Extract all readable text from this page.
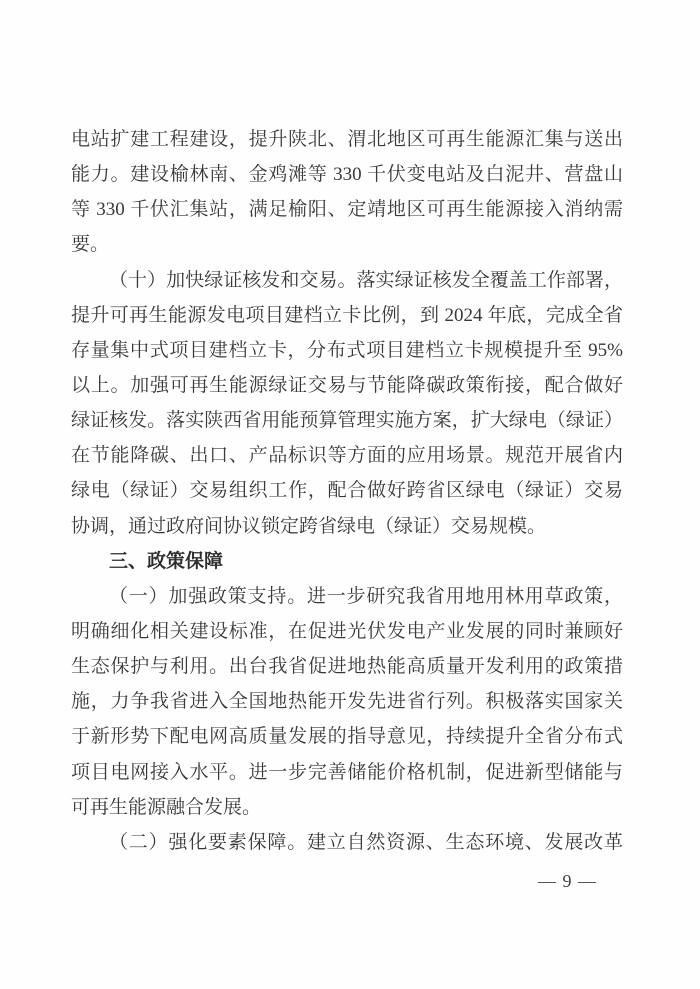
电站扩建工程建设，提升陕北、渭北地区可再生能源汇集与送出
能力。建设榆林南、金鸡滩等 330 千伏变电站及白泥井、营盘山
等 330 千伏汇集站，满足榆阳、定靖地区可再生能源接入消纳需
要。
（十）加快绿证核发和交易。落实绿证核发全覆盖工作部署，
提升可再生能源发电项目建档立卡比例，到 2024 年底，完成全省
存量集中式项目建档立卡，分布式项目建档立卡规模提升至 95%
以上。加强可再生能源绿证交易与节能降碳政策衔接，配合做好
绿证核发。落实陕西省用能预算管理实施方案，扩大绿电（绿证）
在节能降碳、出口、产品标识等方面的应用场景。规范开展省内
绿电（绿证）交易组织工作，配合做好跨省区绿电（绿证）交易
协调，通过政府间协议锁定跨省绿电（绿证）交易规模。
三、政策保障
（一）加强政策支持。进一步研究我省用地用林用草政策，
明确细化相关建设标准，在促进光伏发电产业发展的同时兼顾好
生态保护与利用。出台我省促进地热能高质量开发利用的政策措
施，力争我省进入全国地热能开发先进省行列。积极落实国家关
于新形势下配电网高质量发展的指导意见，持续提升全省分布式
项目电网接入水平。进一步完善储能价格机制，促进新型储能与
可再生能源融合发展。
（二）强化要素保障。建立自然资源、生态环境、发展改革
— 9 —
